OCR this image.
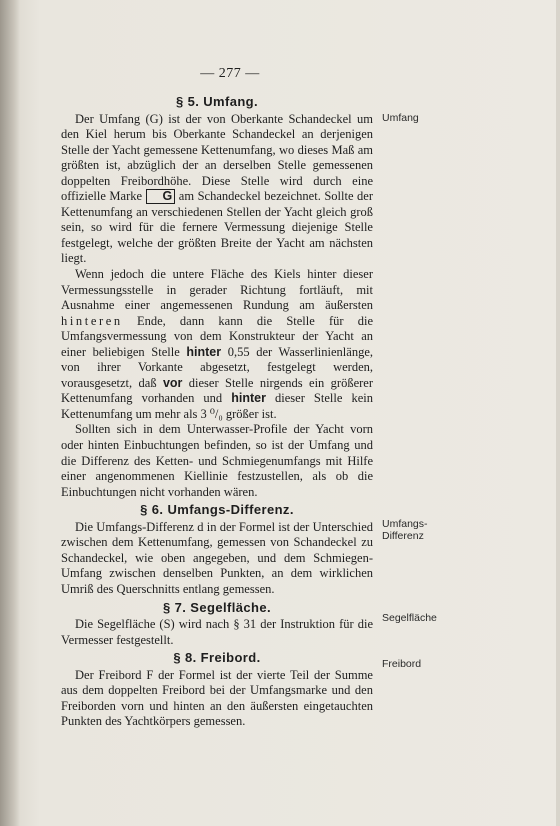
— 277 —
§ 5. Umfang.

Der Umfang (G) ist der von Oberkante Schandeckel um den Kiel herum bis Oberkante Schandeckel an derjenigen Stelle der Yacht gemessene Kettenumfang, wo dieses Maß am größten ist, abzüglich der an derselben Stelle gemessenen doppelten Freibordhöhe. Diese Stelle wird durch eine offizielle Marke G am Schandeckel bezeichnet. Sollte der Kettenumfang an verschiedenen Stellen der Yacht gleich groß sein, so wird für die fernere Vermessung diejenige Stelle festgelegt, welche der größten Breite der Yacht am nächsten liegt.

Wenn jedoch die untere Fläche des Kiels hinter dieser Vermessungsstelle in gerader Richtung fortläuft, mit Ausnahme einer angemessenen Rundung am äußersten hinteren Ende, dann kann die Stelle für die Umfangsvermessung von dem Konstrukteur der Yacht an einer beliebigen Stelle hinter 0,55 der Wasserlinienlänge, von ihrer Vorkante abgesetzt, festgelegt werden, vorausgesetzt, daß vor dieser Stelle nirgends ein größerer Kettenumfang vorhanden und hinter dieser Stelle kein Kettenumfang um mehr als 3 ⁰/₀ größer ist.

Sollten sich in dem Unterwasser-Profile der Yacht vorn oder hinten Einbuchtungen befinden, so ist der Umfang und die Differenz des Ketten- und Schmiegenumfangs mit Hilfe einer angenommenen Kiellinie festzustellen, als ob die Einbuchtungen nicht vorhanden wären.

§ 6. Umfangs-Differenz.

Die Umfangs-Differenz d in der Formel ist der Unterschied zwischen dem Kettenumfang, gemessen von Schandeckel zu Schandeckel, wie oben angegeben, und dem Schmiegen-Umfang zwischen denselben Punkten, an dem wirklichen Umriß des Querschnitts entlang gemessen.

§ 7. Segelfläche.

Die Segelfläche (S) wird nach § 31 der Instruktion für die Vermesser festgestellt.

§ 8. Freibord.

Der Freibord F der Formel ist der vierte Teil der Summe aus dem doppelten Freibord bei der Umfangsmarke und den Freiborden vorn und hinten an den äußersten eingetauchten Punkten des Yachtkörpers gemessen.

Umfang
Umfangs-
Differenz
Segelfläche
Freibord
